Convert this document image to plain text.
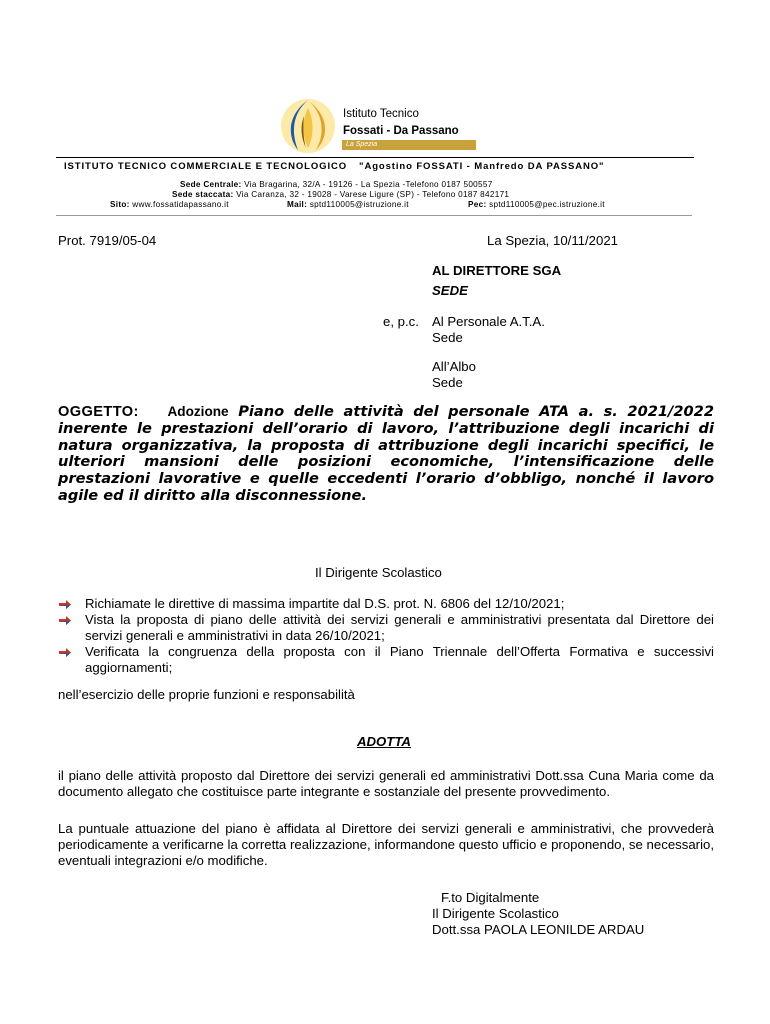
Istituto Tecnico
Fossati - Da Passano
La Spezia
ISTITUTO TECNICO COMMERCIALE E TECNOLOGICO "Agostino FOSSATI - Manfredo DA PASSANO"
Sede Centrale: Via Bragarina, 32/A - 19126 - La Spezia -Telefono 0187 500557
Sede staccata: Via Caranza, 32 - 19028 - Varese Ligure (SP) - Telefono 0187 842171
Sito: www.fossatidapassano.it	Mail: sptd110005@istruzione.it	Pec: sptd110005@pec.istruzione.it
Prot. 7919/05-04	La Spezia, 10/11/2021
AL DIRETTORE SGA
SEDE
e, p.c. Al Personale A.T.A.
Sede
All’Albo
Sede
OGGETTO: Adozione Piano delle attività del personale ATA a. s. 2021/2022 inerente le prestazioni dell’orario di lavoro, l’attribuzione degli incarichi di natura organizzativa, la proposta di attribuzione degli incarichi specifici, le ulteriori mansioni delle posizioni economiche, l’intensificazione delle prestazioni lavorative e quelle eccedenti l’orario d’obbligo, nonché il lavoro agile ed il diritto alla disconnessione.
Il Dirigente Scolastico
Richiamate le direttive di massima impartite dal D.S. prot. N. 6806 del 12/10/2021;
Vista la proposta di piano delle attività dei servizi generali e amministrativi presentata dal Direttore dei servizi generali e amministrativi in data 26/10/2021;
Verificata la congruenza della proposta con il Piano Triennale dell’Offerta Formativa e successivi aggiornamenti;
nell’esercizio delle proprie funzioni e responsabilità
ADOTTA
il piano delle attività proposto dal Direttore dei servizi generali ed amministrativi Dott.ssa Cuna Maria come da documento allegato che costituisce parte integrante e sostanziale del presente provvedimento.
La puntuale attuazione del piano è affidata al Direttore dei servizi generali e amministrativi, che provvederà periodicamente a verificarne la corretta realizzazione, informandone questo ufficio e proponendo, se necessario, eventuali integrazioni e/o modifiche.
F.to Digitalmente
Il Dirigente Scolastico
Dott.ssa PAOLA LEONILDE ARDAU
